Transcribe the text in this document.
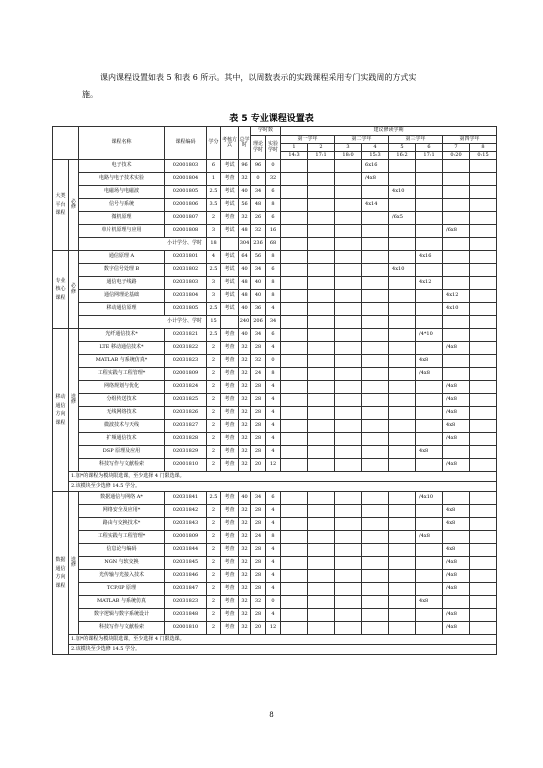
课内课程设置如表 5 和表 6 所示。其中，以周数表示的实践课程采用专门实践周的方式实

施。
表 5 专业课程设置表
		课程名称	课程编码	学分	考核方式	总学时	学时数		建议修读学期							
							理论学时	实验学时	第一学年		第二学年		第三学年		第四学年	
									1	2	3	4	5	6	7	8
									14:3	17:1	18:0	15:3	16:2	17:1	0:20	0:15
大类平台课程	必修	电子技术	02001803	6	考试	96	96	0				6x16				
		电路与电子技术实验	02001804	1	考查	32	0	32				/4x8				
		电磁场与电磁波	02001805	2.5	考试	40	34	6					4x10			
		信号与系统	02001806	3.5	考试	56	48	8				4x14				
		微机原理	02001807	2	考查	32	26	6					/6x5			
		单片机原理与应用	02001808	3	考试	48	32	16							/6x8	
		小计学分、学时		18		304	236	68								
专业核心课程	必修	通信原理 A	02031801	4	考试	64	56	8						4x16		
		数字信号处理 B	02031802	2.5	考试	40	34	6					4x10			
		通信电子线路	02031803	3	考试	48	40	8						4x12		
		通信网理论基础	02031804	3	考试	48	40	8							4x12	
		移动通信原理	02031805	2.5	考试	40	36	4							4x10	
		小计学分、学时		15		240	206	34								
移动通信方向课程	选修	光纤通信技术*	02031821	2.5	考查	40	34	6						/4*10		
		LTE 移动通信技术*	02031822	2	考查	32	28	4							/4x8	
		MATLAB 与系统仿真*	02031823	2	考查	32	32	0						4x8		
		工程实践与工程管理*	02001809	2	考查	32	24	8						/4x8		
		网络规划与优化	02031824	2	考查	32	28	4							/4x8	
		分组传送技术	02031825	2	考查	32	28	4							/4x8	
		无线网络技术	02031826	2	考查	32	28	4							/4x8	
		微波技术与天线	02031827	2	考查	32	28	4							4x8	
		扩频通信技术	02031828	2	考查	32	28	4							/4x8	
		DSP 原理及应用	02031829	2	考查	32	28	4						4x8		
		科技写作与文献检索	02001810	2	考查	32	20	12							/4x8	
	1.加*的课程为模块限选课，至少选择 4 门限选课。															
	2.该模块至少选修 14.5 学分。															
数据通信方向课程	选修	数据通信与网络 A*	02031841	2.5	考查	40	34	6						/4x10		
		网络安全及应用*	02031842	2	考查	32	28	4							4x8	
		路由与交换技术*	02031843	2	考查	32	28	4							4x8	
		工程实践与工程管理*	02001809	2	考查	32	24	8						/4x8		
		信息论与编码	02031844	2	考查	32	28	4							4x8	
		NGN 与软交换	02031845	2	考查	32	28	4							/4x8	
		光传输与光接入技术	02031846	2	考查	32	28	4							/4x8	
		TCP/IP 原理	02031847	2	考查	32	28	4							/4x8	
		MATLAB 与系统仿真	02031823	2	考查	32	32	0						4x8		
		数字逻辑与数字系统设计	02031848	2	考查	32	28	4							/4x8	
		科技写作与文献检索	02001810	2	考查	32	20	12							/4x8	
	1.加*的课程为模块限选课，至少选择 4 门限选课。															
	2.该模块至少选修 14.5 学分。															
8
